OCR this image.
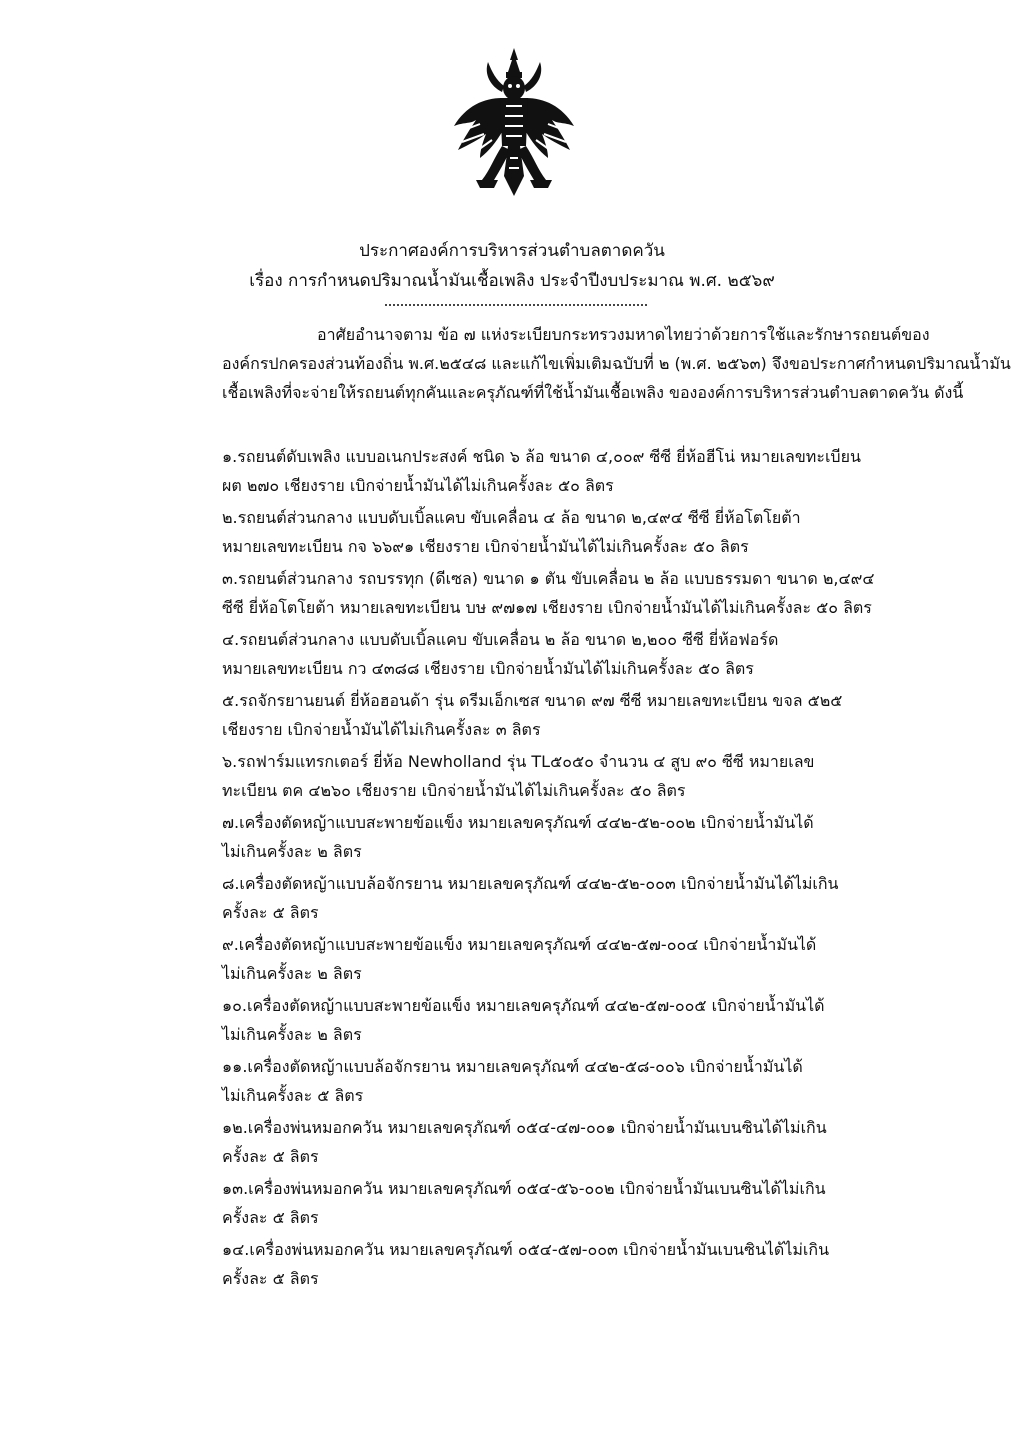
ประกาศองค์การบริหารส่วนตำบลตาดควัน
เรื่อง การกำหนดปริมาณน้ำมันเชื้อเพลิง ประจำปีงบประมาณ พ.ศ. ๒๕๖๙
อาศัยอำนาจตาม ข้อ ๗ แห่งระเบียบกระทรวงมหาดไทยว่าด้วยการใช้และรักษารถยนต์ของ
องค์กรปกครองส่วนท้องถิ่น พ.ศ.๒๕๔๘ และแก้ไขเพิ่มเติมฉบับที่ ๒ (พ.ศ. ๒๕๖๓) จึงขอประกาศกำหนดปริมาณน้ำมัน
เชื้อเพลิงที่จะจ่ายให้รถยนต์ทุกคันและครุภัณฑ์ที่ใช้น้ำมันเชื้อเพลิง ขององค์การบริหารส่วนตำบลตาดควัน ดังนี้
๑.รถยนต์ดับเพลิง แบบอเนกประสงค์ ชนิด ๖ ล้อ ขนาด ๔,๐๐๙ ซีซี ยี่ห้อฮีโน่ หมายเลขทะเบียน
ผต ๒๗๐ เชียงราย เบิกจ่ายน้ำมันได้ไม่เกินครั้งละ ๕๐ ลิตร
๒.รถยนต์ส่วนกลาง แบบดับเบิ้ลแคบ ขับเคลื่อน ๔ ล้อ ขนาด ๒,๔๙๔ ซีซี ยี่ห้อโตโยต้า
หมายเลขทะเบียน กจ ๖๖๙๑ เชียงราย เบิกจ่ายน้ำมันได้ไม่เกินครั้งละ ๕๐ ลิตร
๓.รถยนต์ส่วนกลาง รถบรรทุก (ดีเซล) ขนาด ๑ ตัน ขับเคลื่อน ๒ ล้อ แบบธรรมดา ขนาด ๒,๔๙๔
ซีซี ยี่ห้อโตโยต้า หมายเลขทะเบียน บษ ๙๗๑๗ เชียงราย เบิกจ่ายน้ำมันได้ไม่เกินครั้งละ ๕๐ ลิตร
๔.รถยนต์ส่วนกลาง แบบดับเบิ้ลแคบ ขับเคลื่อน ๒ ล้อ ขนาด ๒,๒๐๐ ซีซี ยี่ห้อฟอร์ด
หมายเลขทะเบียน กว ๔๓๘๘ เชียงราย เบิกจ่ายน้ำมันได้ไม่เกินครั้งละ ๕๐ ลิตร
๕.รถจักรยานยนต์ ยี่ห้อฮอนด้า รุ่น ดรีมเอ็กเซส ขนาด ๙๗ ซีซี หมายเลขทะเบียน ขจล ๕๒๕
เชียงราย เบิกจ่ายน้ำมันได้ไม่เกินครั้งละ ๓ ลิตร
๖.รถฟาร์มแทรกเตอร์ ยี่ห้อ Newholland รุ่น TL๕๐๕๐ จำนวน ๔ สูบ ๙๐ ซีซี หมายเลข
ทะเบียน ตค ๔๒๖๐ เชียงราย เบิกจ่ายน้ำมันได้ไม่เกินครั้งละ ๕๐ ลิตร
๗.เครื่องตัดหญ้าแบบสะพายข้อแข็ง หมายเลขครุภัณฑ์ ๔๔๒-๕๒-๐๐๒ เบิกจ่ายน้ำมันได้
ไม่เกินครั้งละ ๒ ลิตร
๘.เครื่องตัดหญ้าแบบล้อจักรยาน หมายเลขครุภัณฑ์ ๔๔๒-๕๒-๐๐๓ เบิกจ่ายน้ำมันได้ไม่เกิน
ครั้งละ ๕ ลิตร
๙.เครื่องตัดหญ้าแบบสะพายข้อแข็ง หมายเลขครุภัณฑ์ ๔๔๒-๕๗-๐๐๔ เบิกจ่ายน้ำมันได้
ไม่เกินครั้งละ ๒ ลิตร
๑๐.เครื่องตัดหญ้าแบบสะพายข้อแข็ง หมายเลขครุภัณฑ์ ๔๔๒-๕๗-๐๐๕ เบิกจ่ายน้ำมันได้
ไม่เกินครั้งละ ๒ ลิตร
๑๑.เครื่องตัดหญ้าแบบล้อจักรยาน หมายเลขครุภัณฑ์ ๔๔๒-๕๘-๐๐๖ เบิกจ่ายน้ำมันได้
ไม่เกินครั้งละ ๕ ลิตร
๑๒.เครื่องพ่นหมอกควัน หมายเลขครุภัณฑ์ ๐๕๔-๔๗-๐๐๑ เบิกจ่ายน้ำมันเบนซินได้ไม่เกิน
ครั้งละ ๕ ลิตร
๑๓.เครื่องพ่นหมอกควัน หมายเลขครุภัณฑ์ ๐๕๔-๕๖-๐๐๒ เบิกจ่ายน้ำมันเบนซินได้ไม่เกิน
ครั้งละ ๕ ลิตร
๑๔.เครื่องพ่นหมอกควัน หมายเลขครุภัณฑ์ ๐๕๔-๕๗-๐๐๓ เบิกจ่ายน้ำมันเบนซินได้ไม่เกิน
ครั้งละ ๕ ลิตร
